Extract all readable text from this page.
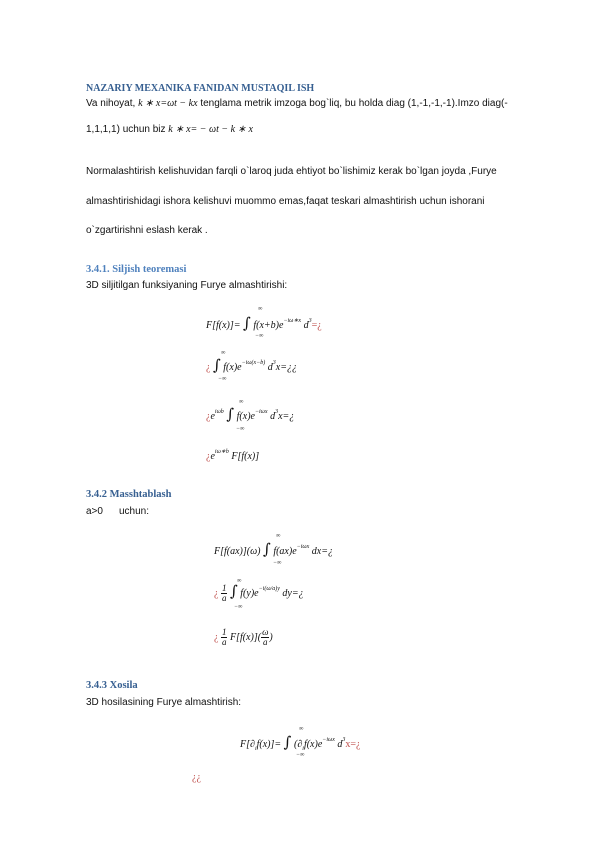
NAZARIY MEXANIKA FANIDAN MUSTAQIL ISH
Va nihoyat, k ∗ x=ωt − kx tenglama metrik imzoga bog`liq, bu holda diag (1,-1,-1,-1).Imzo diag(-
1,1,1,1) uchun biz k ∗ x= − ωt − k ∗ x
Normalashtirish kelishuvidan farqli o`laroq juda ehtiyot bo`lishimiz kerak bo`lgan joyda ,Furye
almashtirishidagi ishora kelishuvi muommo emas,faqat teskari almashtirish uchun ishorani
o`zgartirishni eslash kerak .
3.4.1. Siljish teoremasi
3D siljitilgan funksiyaning Furye almashtirishi:
F[f(x)]= ∫ $f(x+b)e^{-i\omega∗x}$ $d^3=¿$
∞
−∞
¿ ∫ $f(x)e^{-i\omega(x-b)}$ $d^3x=¿¿$
∞
−∞
¿$e^{i\omega b}$ ∫ $f(x)e^{-i\omega x}$ $d^3x=¿$
∞
−∞
¿$e^{i\omega∗b}$ F[f(x)]
3.4.2 Masshtablash
a>0 uchun:
F[f(ax)](ω) ∫ $f(ax)e^{-i\omega x}$ dx=¿
∞
−∞
¿ $\frac{1}{a}$ ∫ $f(y)e^{-i(\omega/a)y}$ dy=¿
∞
−∞
¿ $\frac{1}{a} F[f(x)]( \frac{\omega}{a}$ )
3.4.3 Xosila
3D hosilasining Furye almashtirish:
$F[\partial_if(x)]=$ ∫ ($\partial_if(x)e^{-i\omega x}$ $d^3x=¿$
∞
−∞
¿¿
